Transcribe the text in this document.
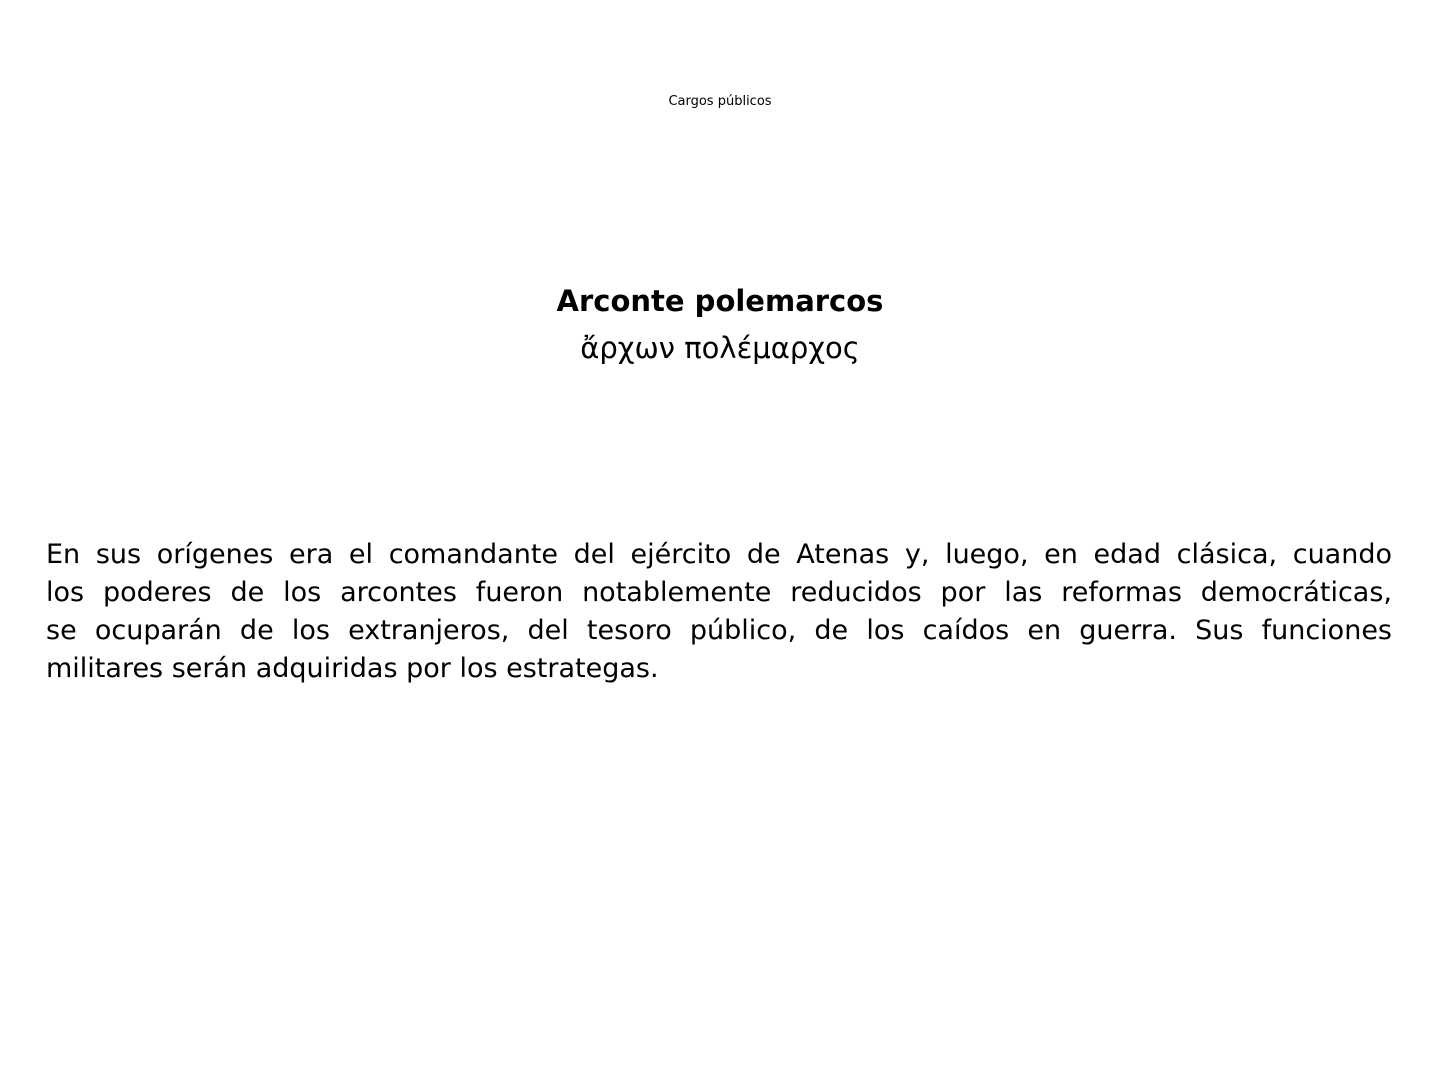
Cargos públicos
Arconte polemarcos
ἄρχων πολέμαρχος
En sus orígenes era el comandante del ejército de Atenas y, luego, en edad clásica, cuando
los poderes de los arcontes fueron notablemente reducidos por las reformas democráticas,
se ocuparán de los extranjeros, del tesoro público, de los caídos en guerra. Sus funciones
militares serán adquiridas por los estrategas.
